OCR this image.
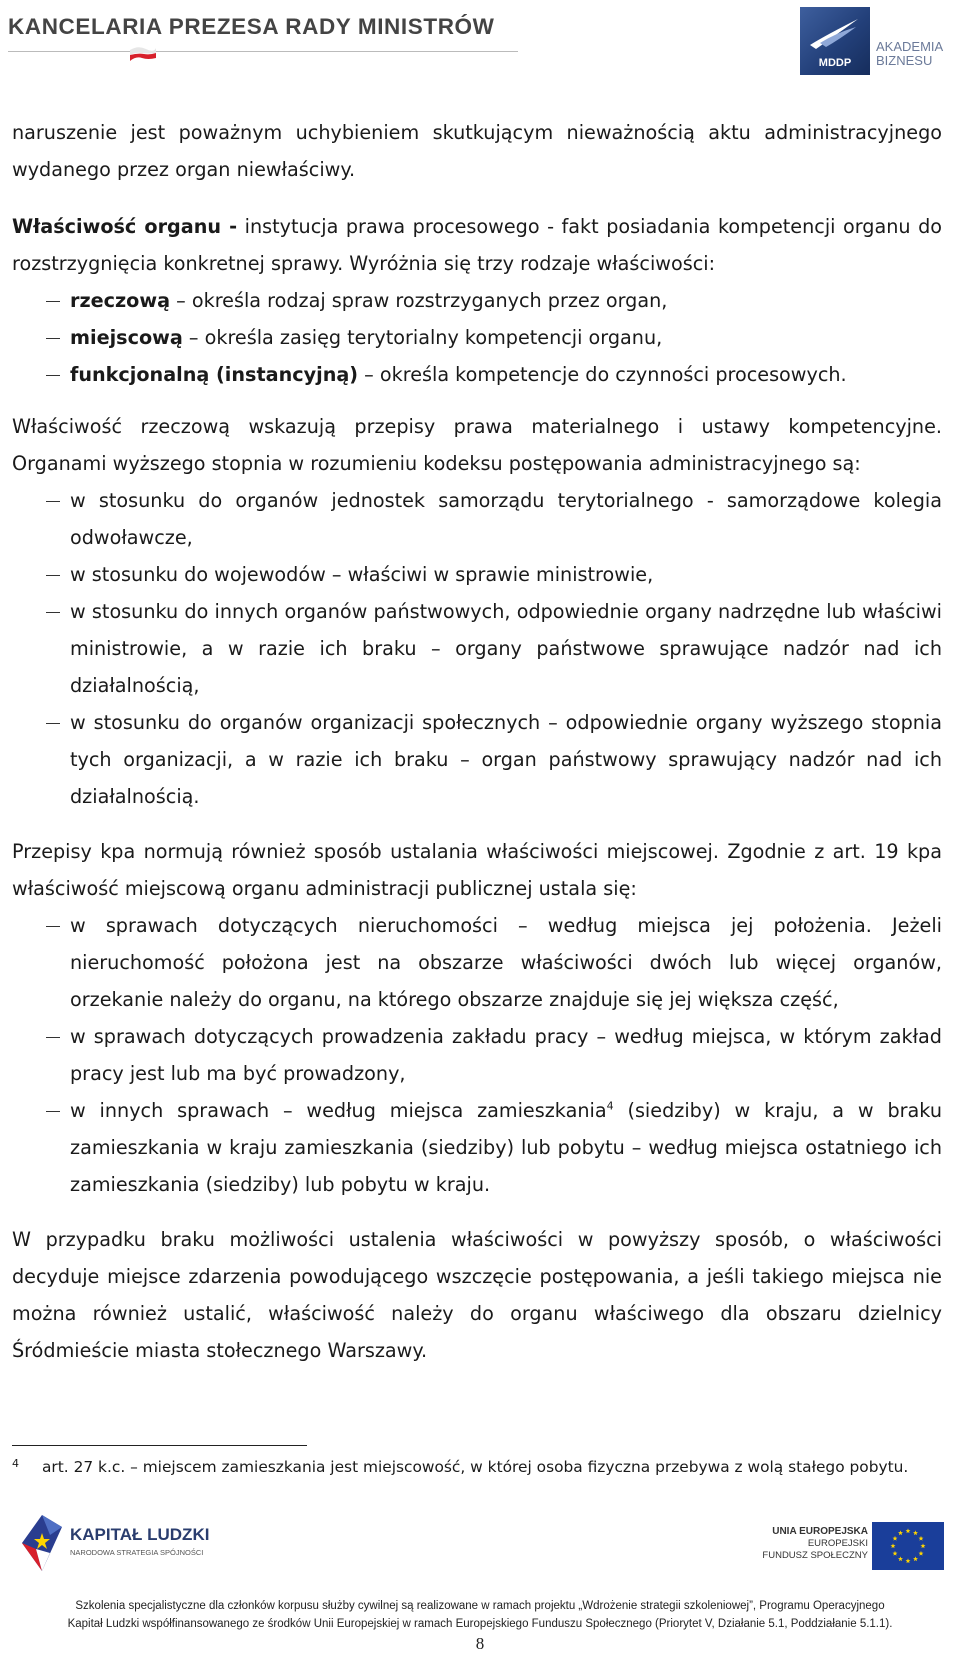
KANCELARIA PREZESA RADY MINISTRÓW
MDDP
AKADEMIA
BIZNESU

naruszenie jest poważnym uchybieniem skutkującym nieważnością aktu administracyjnego wydanego przez organ niewłaściwy.

Właściwość organu - instytucja prawa procesowego - fakt posiadania kompetencji organu do rozstrzygnięcia konkretnej sprawy. Wyróżnia się trzy rodzaje właściwości:

rzeczową – określa rodzaj spraw rozstrzyganych przez organ,
miejscową – określa zasięg terytorialny kompetencji organu,
funkcjonalną (instancyjną) – określa kompetencje do czynności procesowych.

Właściwość rzeczową wskazują przepisy prawa materialnego i ustawy kompetencyjne. Organami wyższego stopnia w rozumieniu kodeksu postępowania administracyjnego są:

w stosunku do organów jednostek samorządu terytorialnego - samorządowe kolegia odwoławcze,
w stosunku do wojewodów – właściwi w sprawie ministrowie,
w stosunku do innych organów państwowych, odpowiednie organy nadrzędne lub właściwi ministrowie, a w razie ich braku – organy państwowe sprawujące nadzór nad ich działalnością,
w stosunku do organów organizacji społecznych – odpowiednie organy wyższego stopnia tych organizacji, a w razie ich braku – organ państwowy sprawujący nadzór nad ich działalnością.

Przepisy kpa normują również sposób ustalania właściwości miejscowej. Zgodnie z art. 19 kpa właściwość miejscową organu administracji publicznej ustala się:

w sprawach dotyczących nieruchomości – według miejsca jej położenia. Jeżeli nieruchomość położona jest na obszarze właściwości dwóch lub więcej organów, orzekanie należy do organu, na którego obszarze znajduje się jej większa część,
w sprawach dotyczących prowadzenia zakładu pracy – według miejsca, w którym zakład pracy jest lub ma być prowadzony,
w innych sprawach – według miejsca zamieszkania$^4$ (siedziby) w kraju, a w braku zamieszkania w kraju zamieszkania (siedziby) lub pobytu – według miejsca ostatniego ich zamieszkania (siedziby) lub pobytu w kraju.

W przypadku braku możliwości ustalenia właściwości w powyższy sposób, o właściwości decyduje miejsce zdarzenia powodującego wszczęcie postępowania, a jeśli takiego miejsca nie można również ustalić, właściwość należy do organu właściwego dla obszaru dzielnicy Śródmieście miasta stołecznego Warszawy.

4	art. 27 k.c. – miejscem zamieszkania jest miejscowość, w której osoba fizyczna przebywa z wolą stałego pobytu.
KAPITAŁ LUDZKI
NARODOWA STRATEGIA SPÓJNOŚCI
UNIA EUROPEJSKA
EUROPEJSKI
FUNDUSZ SPOŁECZNY
Szkolenia specjalistyczne dla członków korpusu służby cywilnej są realizowane w ramach projektu „Wdrożenie strategii szkoleniowej”, Programu Operacyjnego
Kapitał Ludzki współfinansowanego ze środków Unii Europejskiej w ramach Europejskiego Funduszu Społecznego (Priorytet V, Działanie 5.1, Poddziałanie 5.1.1).
8
